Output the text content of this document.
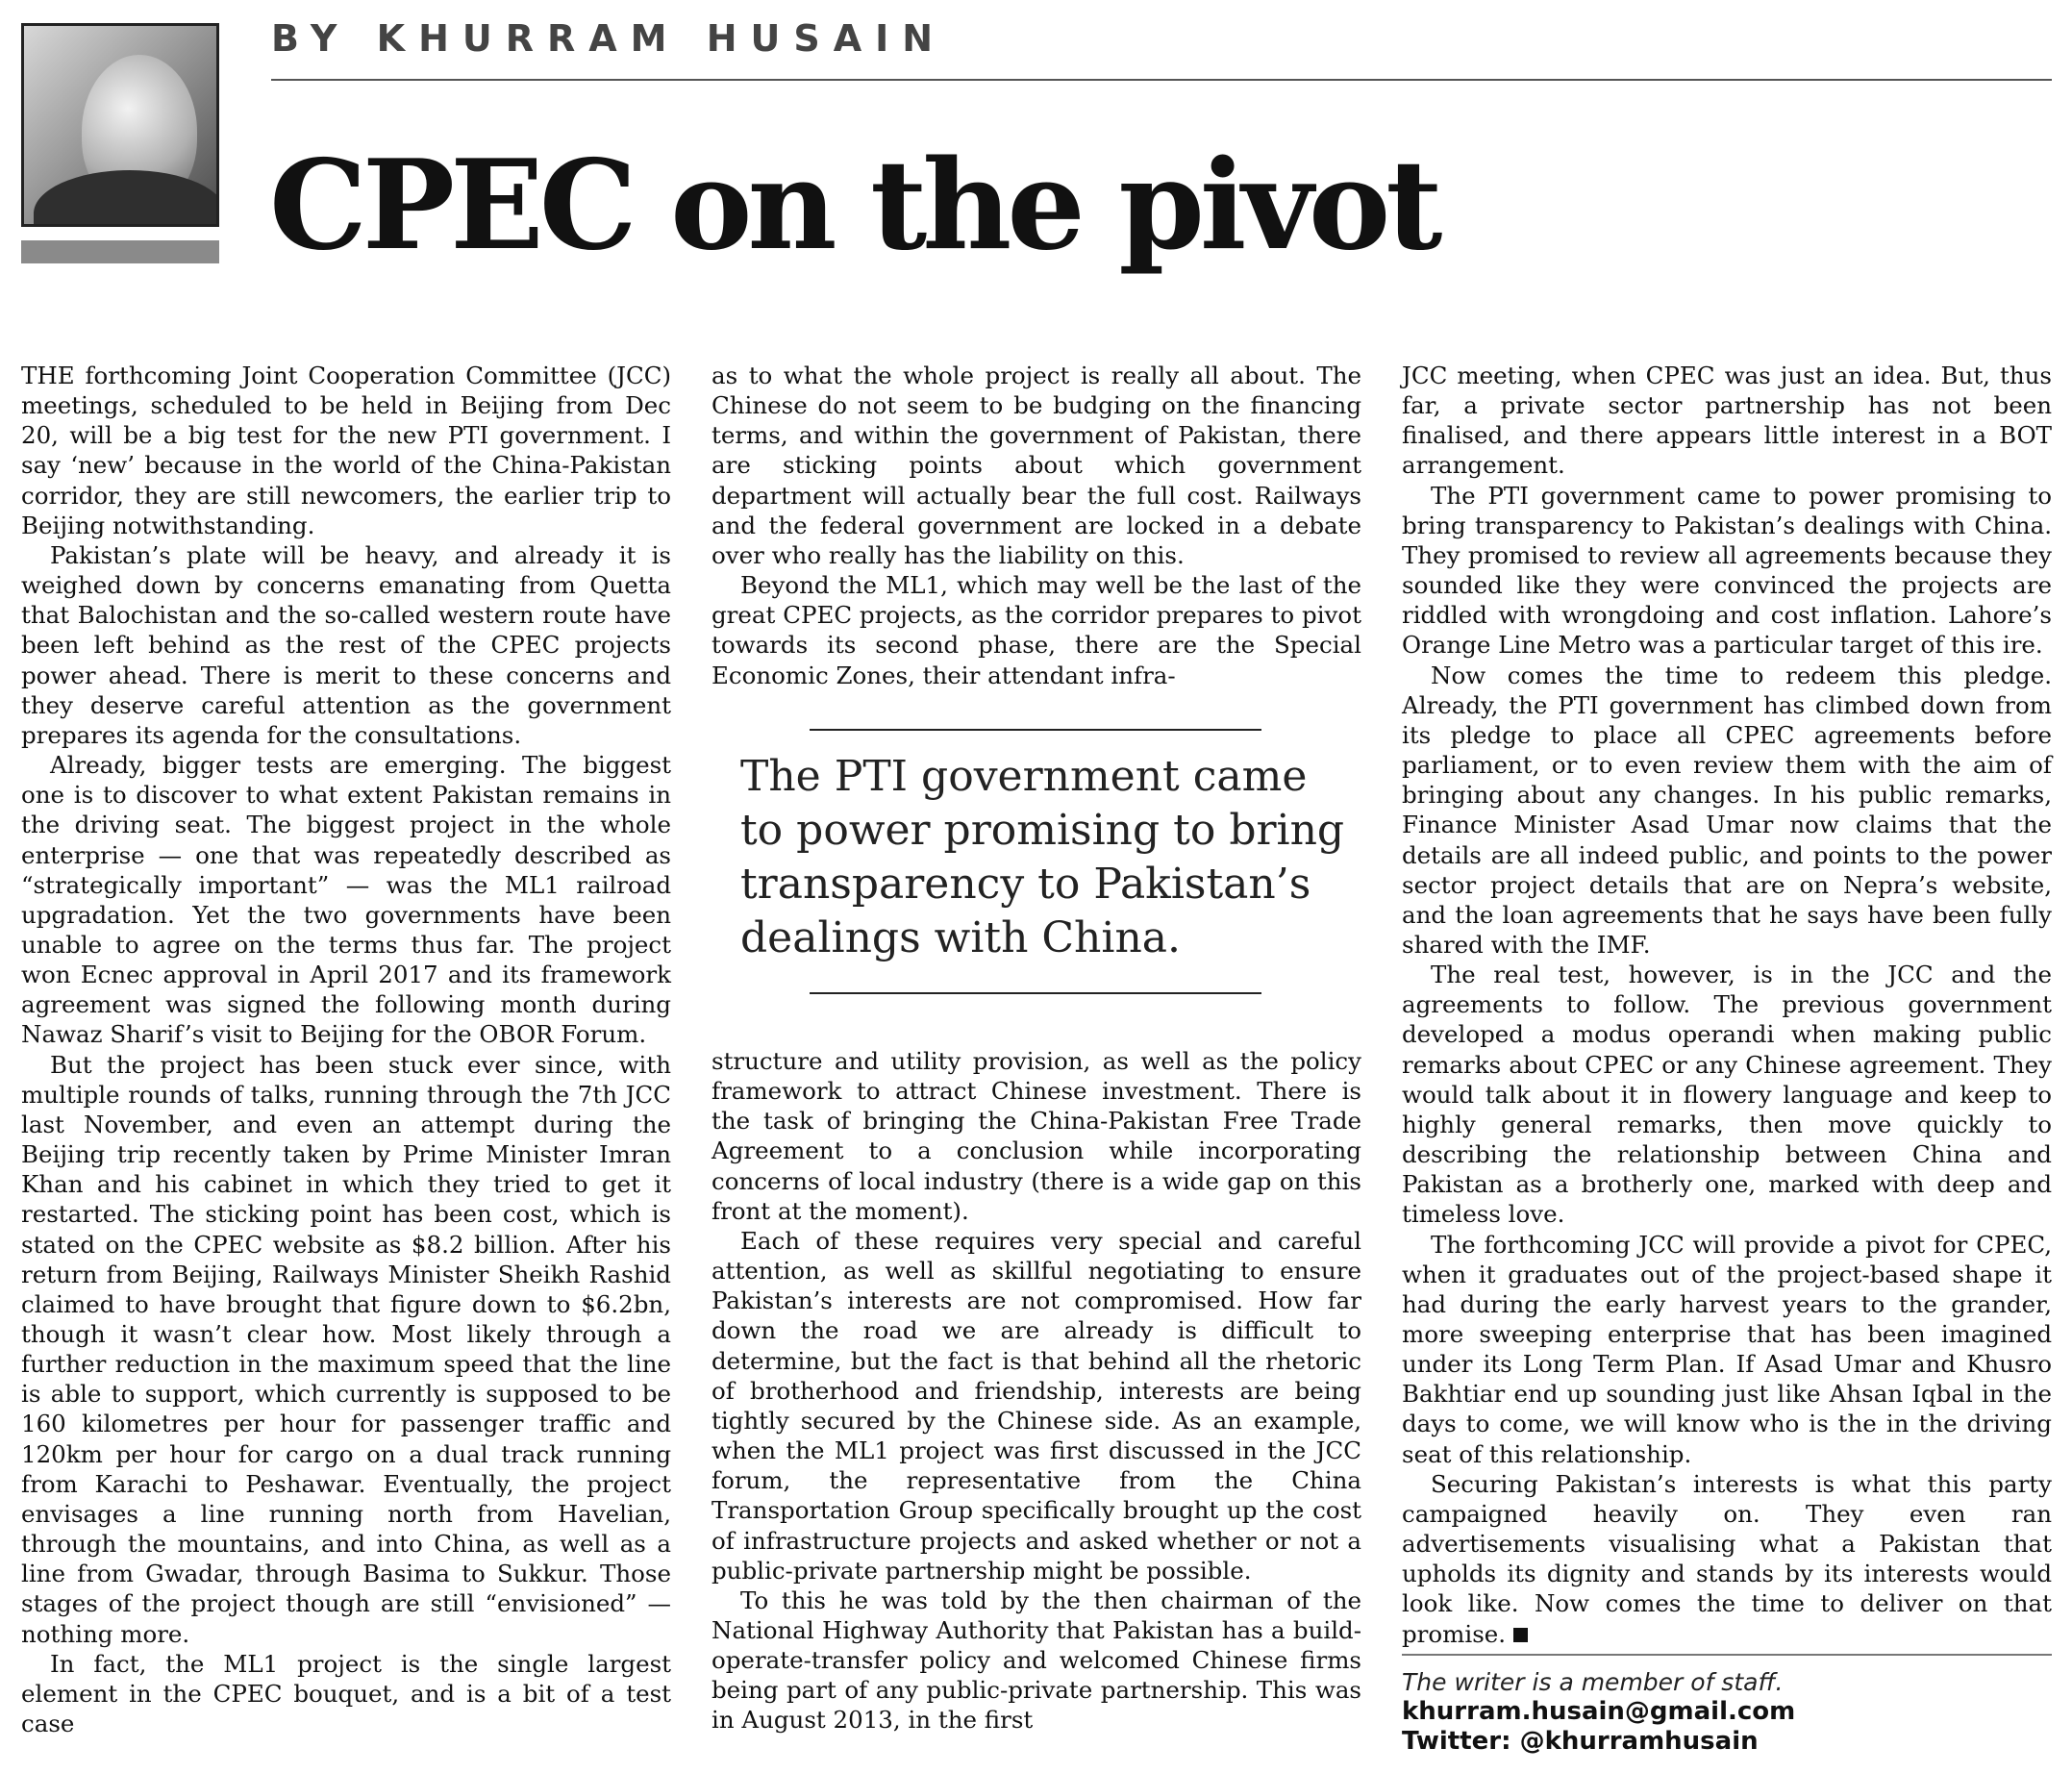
BY KHURRAM HUSAIN
CPEC on the pivot

THE forthcoming Joint Cooperation Committee (JCC) meetings, scheduled to be held in Beijing from Dec 20, will be a big test for the new PTI government. I say ‘new’ because in the world of the China-Pakistan corridor, they are still newcomers, the earlier trip to Beijing notwithstanding.

Pakistan’s plate will be heavy, and already it is weighed down by concerns emanating from Quetta that Balochistan and the so-called western route have been left behind as the rest of the CPEC projects power ahead. There is merit to these concerns and they deserve careful attention as the government prepares its agenda for the consultations.

Already, bigger tests are emerging. The biggest one is to discover to what extent Pakistan remains in the driving seat. The biggest project in the whole enterprise — one that was repeatedly described as “strategically important” — was the ML1 railroad upgradation. Yet the two governments have been unable to agree on the terms thus far. The project won Ecnec approval in April 2017 and its framework agreement was signed the following month during Nawaz Sharif’s visit to Beijing for the OBOR Forum.

But the project has been stuck ever since, with multiple rounds of talks, running through the 7th JCC last November, and even an attempt during the Beijing trip recently taken by Prime Minister Imran Khan and his cabinet in which they tried to get it restarted. The sticking point has been cost, which is stated on the CPEC website as $8.2 billion. After his return from Beijing, Railways Minister Sheikh Rashid claimed to have brought that figure down to $6.2bn, though it wasn’t clear how. Most likely through a further reduction in the maximum speed that the line is able to support, which currently is supposed to be 160 kilometres per hour for passenger traffic and 120km per hour for cargo on a dual track running from Karachi to Peshawar. Eventually, the project envisages a line running north from Havelian, through the mountains, and into China, as well as a line from Gwadar, through Basima to Sukkur. Those stages of the project though are still “envisioned” — nothing more.

In fact, the ML1 project is the single largest element in the CPEC bouquet, and is a bit of a test case

as to what the whole project is really all about. The Chinese do not seem to be budging on the financing terms, and within the government of Pakistan, there are sticking points about which government department will actually bear the full cost. Railways and the federal government are locked in a debate over who really has the liability on this.

Beyond the ML1, which may well be the last of the great CPEC projects, as the corridor prepares to pivot towards its second phase, there are the Special Economic Zones, their attendant infra-

The PTI government came to power promising to bring transparency to Pakistan’s dealings with China.

structure and utility provision, as well as the policy framework to attract Chinese investment. There is the task of bringing the China-Pakistan Free Trade Agreement to a conclusion while incorporating concerns of local industry (there is a wide gap on this front at the moment).

Each of these requires very special and careful attention, as well as skillful negotiating to ensure Pakistan’s interests are not compromised. How far down the road we are already is difficult to determine, but the fact is that behind all the rhetoric of brotherhood and friendship, interests are being tightly secured by the Chinese side. As an example, when the ML1 project was first discussed in the JCC forum, the representative from the China Transportation Group specifically brought up the cost of infrastructure projects and asked whether or not a public-private partnership might be possible.

To this he was told by the then chairman of the National Highway Authority that Pakistan has a build-operate-transfer policy and welcomed Chinese firms being part of any public-private partnership. This was in August 2013, in the first

JCC meeting, when CPEC was just an idea. But, thus far, a private sector partnership has not been finalised, and there appears little interest in a BOT arrangement.

The PTI government came to power promising to bring transparency to Pakistan’s dealings with China. They promised to review all agreements because they sounded like they were convinced the projects are riddled with wrongdoing and cost inflation. Lahore’s Orange Line Metro was a particular target of this ire.

Now comes the time to redeem this pledge. Already, the PTI government has climbed down from its pledge to place all CPEC agreements before parliament, or to even review them with the aim of bringing about any changes. In his public remarks, Finance Minister Asad Umar now claims that the details are all indeed public, and points to the power sector project details that are on Nepra’s website, and the loan agreements that he says have been fully shared with the IMF.

The real test, however, is in the JCC and the agreements to follow. The previous government developed a modus operandi when making public remarks about CPEC or any Chinese agreement. They would talk about it in flowery language and keep to highly general remarks, then move quickly to describing the relationship between China and Pakistan as a brotherly one, marked with deep and timeless love.

The forthcoming JCC will provide a pivot for CPEC, when it graduates out of the project-based shape it had during the early harvest years to the grander, more sweeping enterprise that has been imagined under its Long Term Plan. If Asad Umar and Khusro Bakhtiar end up sounding just like Ahsan Iqbal in the days to come, we will know who is the in the driving seat of this relationship.

Securing Pakistan’s interests is what this party campaigned heavily on. They even ran advertisements visualising what a Pakistan that upholds its dignity and stands by its interests would look like. Now comes the time to deliver on that promise.

The writer is a member of staff.
khurram.husain@gmail.com
Twitter: @khurramhusain
